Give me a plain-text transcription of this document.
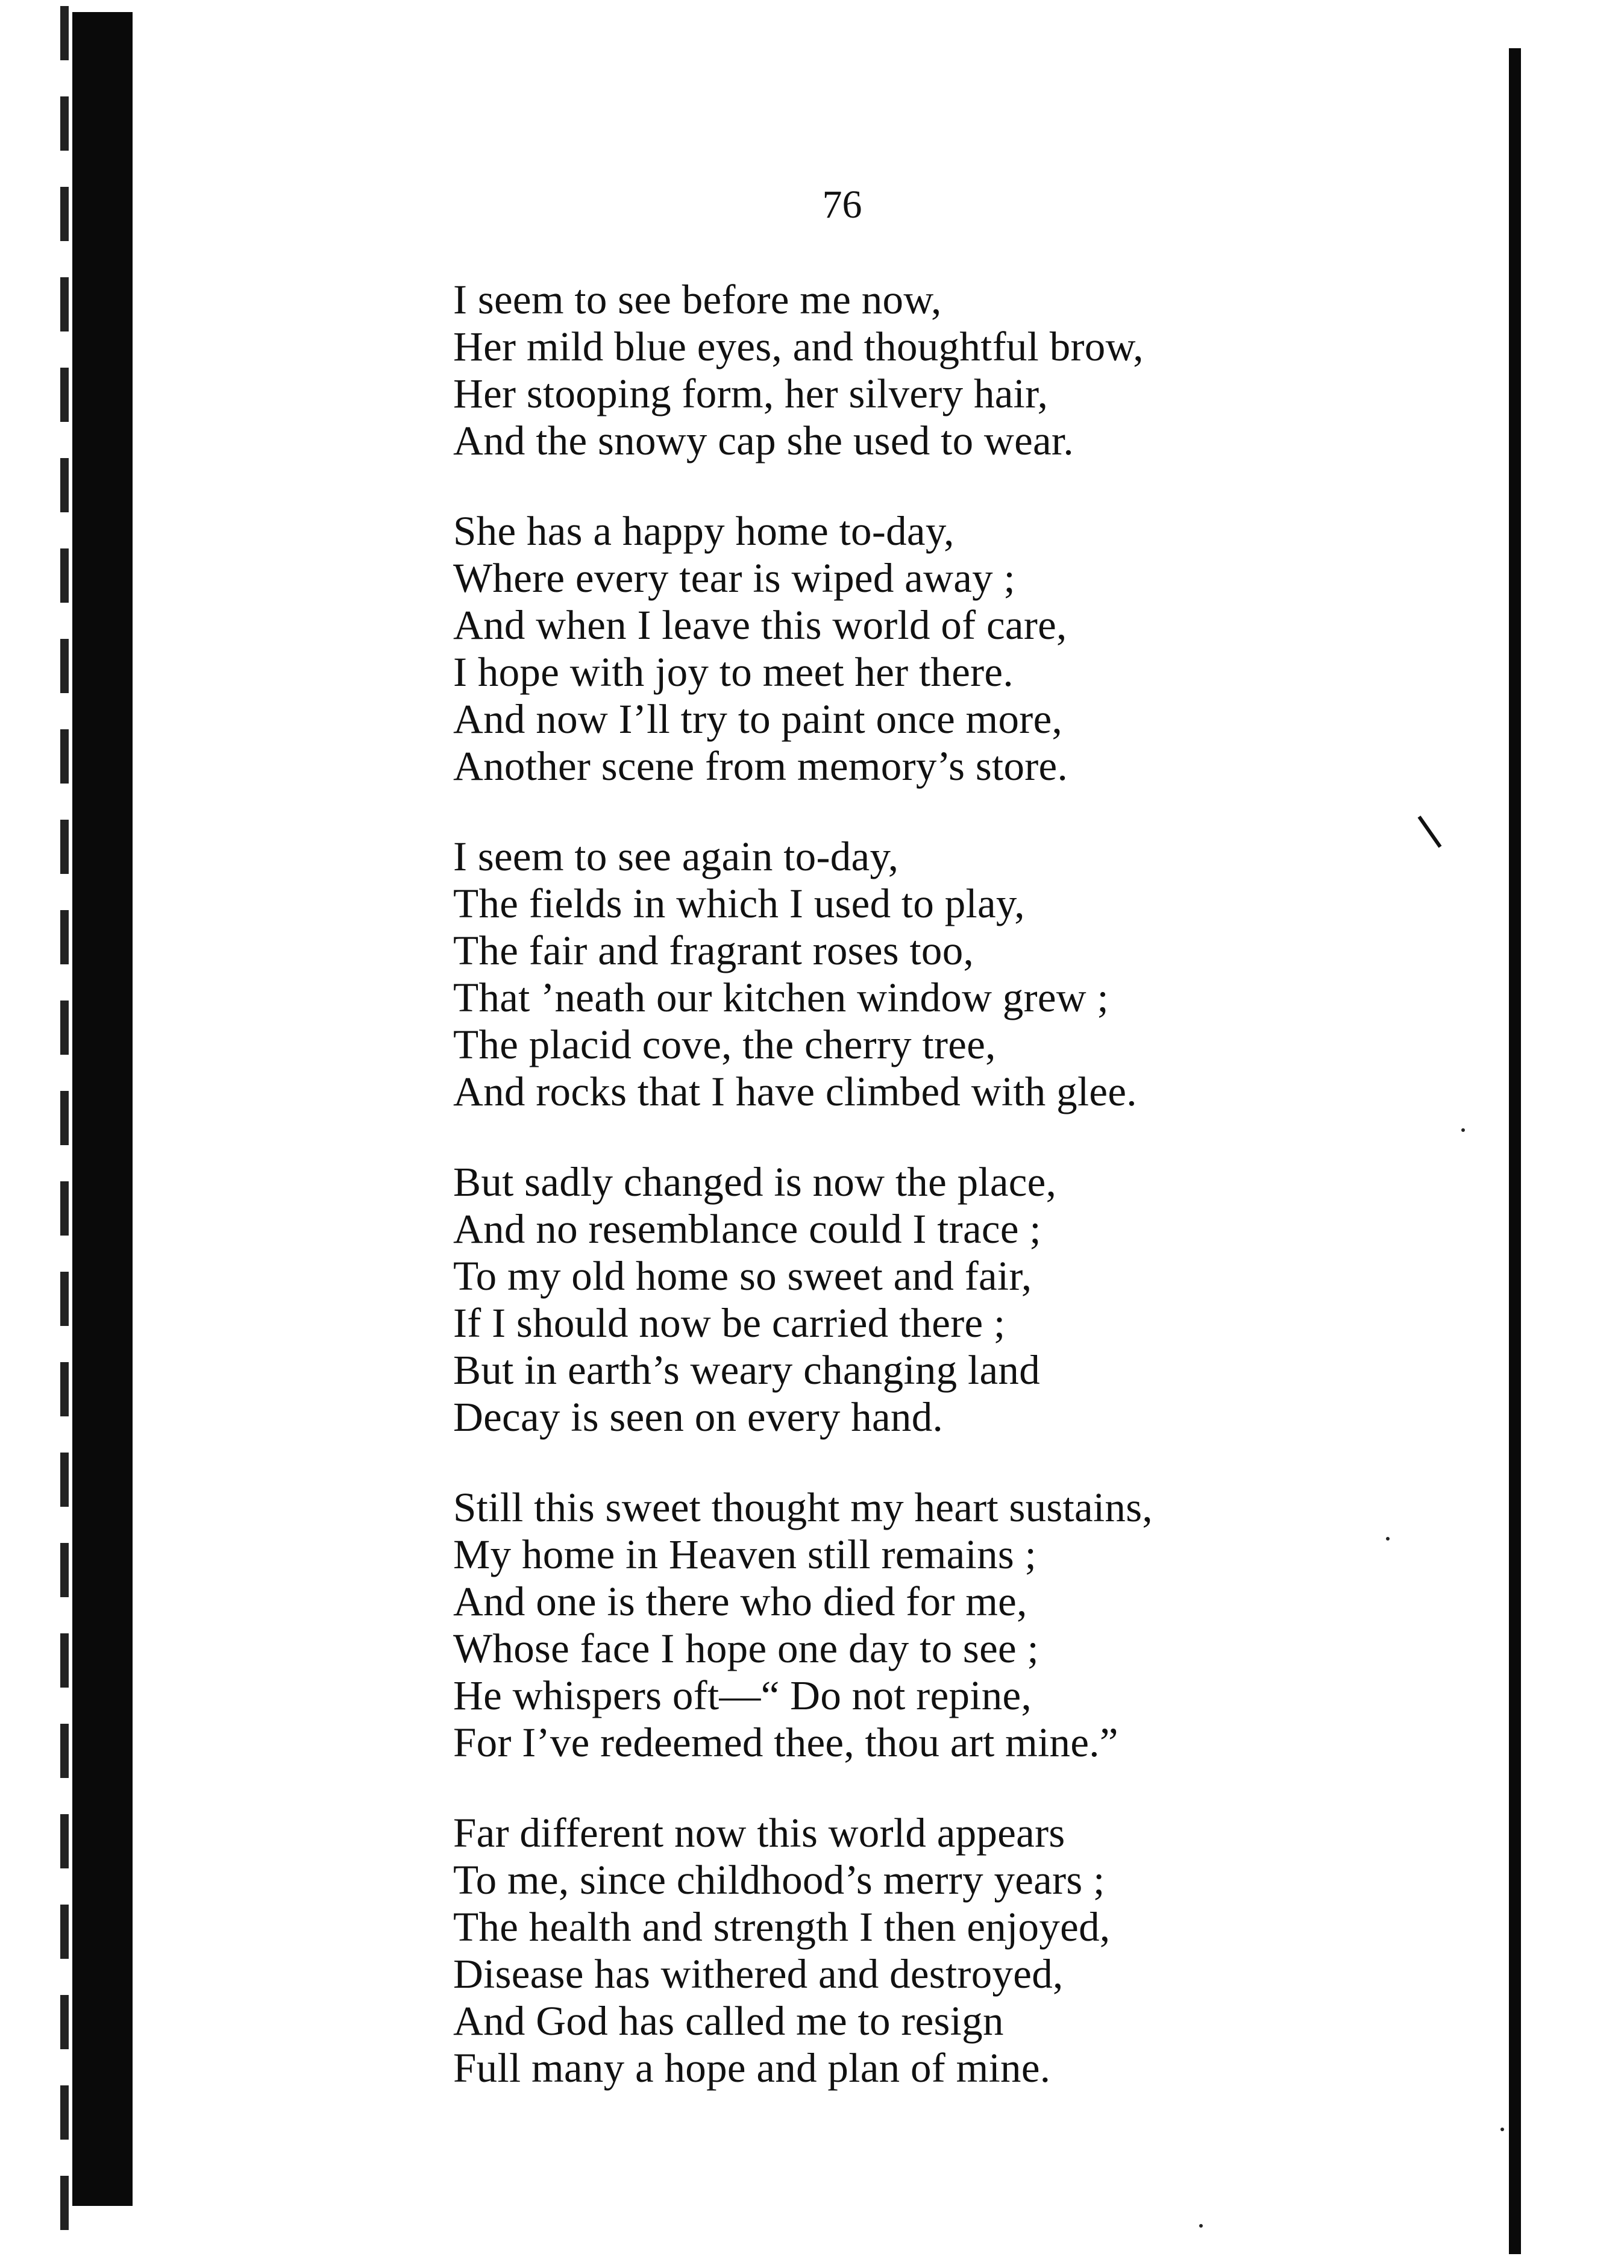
76
I seem to see before me now,
Her mild blue eyes, and thoughtful brow,
Her stooping form, her silvery hair,
And the snowy cap she used to wear.
She has a happy home to-day,
Where every tear is wiped away ;
And when I leave this world of care,
I hope with joy to meet her there.
And now I’ll try to paint once more,
Another scene from memory’s store.
I seem to see again to-day,
The fields in which I used to play,
The fair and fragrant roses too,
That ’neath our kitchen window grew ;
The placid cove, the cherry tree,
And rocks that I have climbed with glee.
But sadly changed is now the place,
And no resemblance could I trace ;
To my old home so sweet and fair,
If I should now be carried there ;
But in earth’s weary changing land
Decay is seen on every hand.
Still this sweet thought my heart sustains,
My home in Heaven still remains ;
And one is there who died for me,
Whose face I hope one day to see ;
He whispers oft—“ Do not repine,
For I’ve redeemed thee, thou art mine.”
Far different now this world appears
To me, since childhood’s merry years ;
The health and strength I then enjoyed,
Disease has withered and destroyed,
And God has called me to resign
Full many a hope and plan of mine.
